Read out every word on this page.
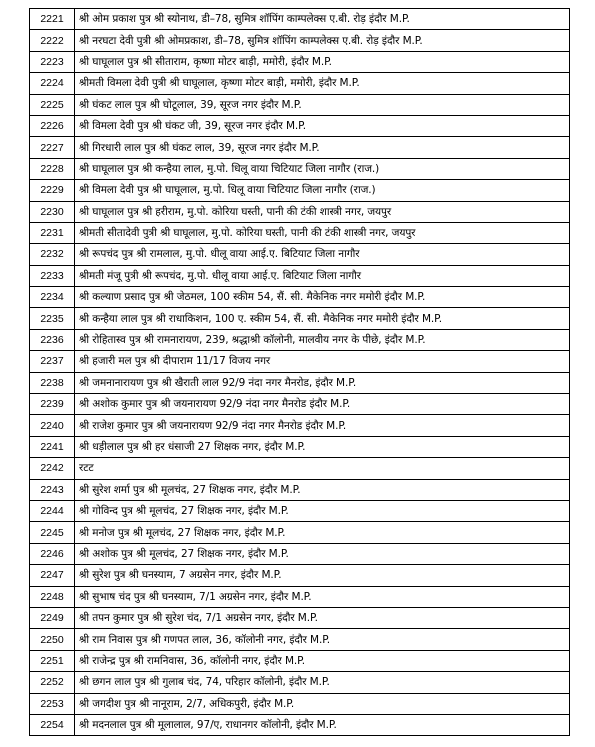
2221	श्री ओम प्रकाश पुत्र श्री स्योनाथ, डी–78, सुमित्र शॉपिंग काम्पलेक्स ए.बी. रोड़ इंदौर M.P.
2222	श्री नरघटा देवी पुत्री श्री ओमप्रकाश, डी–78, सुमित्र शॉपिंग काम्पलेक्स ए.बी. रोड़ इंदौर M.P.
2223	श्री घाघूलाल पुत्र श्री सीताराम, कृष्णा मोटर बाड़ी, ममोरी, इंदौर M.P.
2224	श्रीमती विमला देवी पुत्री श्री घाघूलाल, कृष्णा मोटर बाड़ी, ममोरी, इंदौर M.P.
2225	श्री घंकट लाल पुत्र श्री घोटूलाल, 39, सूरज नगर इंदौर M.P.
2226	श्री विमला देवी पुत्र श्री घंकट जी, 39, सूरज नगर इंदौर M.P.
2227	श्री गिरधारी लाल पुत्र श्री घंकट लाल, 39, सूरज नगर इंदौर M.P.
2228	श्री घाघूलाल पुत्र श्री कन्हैया लाल, मु.पो. धिलू वाया चिटियाट जिला नागौर (राज.)
2229	श्री विमला देवी पुत्र श्री घाघूलाल, मु.पो. धिलू वाया चिटियाट जिला नागौर (राज.)
2230	श्री घाघूलाल पुत्र श्री हरीराम, मु.पो. कोरिया घस्ती, पानी की टंकी शास्त्री नगर, जयपुर
2231	श्रीमती सीतादेवी पुत्री श्री घाघूलाल, मु.पो. कोरिया घस्ती, पानी की टंकी शास्त्री नगर, जयपुर
2232	श्री रूपचंद पुत्र श्री रामलाल, मु.पो. धीलू वाया आई.ए. बिटियाट जिला नागौर
2233	श्रीमती मंजू पुत्री श्री रूपचंद, मु.पो. धीलू वाया आई.ए. बिटियाट जिला नागौर
2234	श्री कल्याण प्रसाद पुत्र श्री जेठमल, 100 स्कीम 54, सैं. सी. मैकेनिक नगर ममोरी इंदौर M.P.
2235	श्री कन्हैया लाल पुत्र श्री राधाकिशन, 100 ए. स्कीम 54, सैं. सी. मैकेनिक नगर ममोरी इंदौर M.P.
2236	श्री रोहितास्व पुत्र श्री रामनारायण, 239, श्रद्धाश्री कॉलोनी, मालवीय नगर के पीछे, इंदौर M.P.
2237	श्री हजारी मल पुत्र श्री दीपाराम 11/17 विजय नगर
2238	श्री जमनानारायण पुत्र श्री खैराती लाल 92/9 नंदा नगर मैनरोड, इंदौर M.P.
2239	श्री अशोक कुमार पुत्र श्री जयनारायण 92/9 नंदा नगर मैनरोड इंदौर M.P.
2240	श्री राजेश कुमार पुत्र श्री जयनारायण 92/9 नंदा नगर मैनरोड इंदौर M.P.
2241	श्री धड़ीलाल पुत्र श्री हर धंसाजी 27 शिक्षक नगर, इंदौर M.P.
2242	रटट
2243	श्री सुरेश शर्मा पुत्र श्री मूलचंद, 27 शिक्षक नगर, इंदौर M.P.
2244	श्री गोविन्द पुत्र श्री मूलचंद, 27 शिक्षक नगर, इंदौर M.P.
2245	श्री मनोज पुत्र श्री मूलचंद, 27 शिक्षक नगर, इंदौर M.P.
2246	श्री अशोक पुत्र श्री मूलचंद, 27 शिक्षक नगर, इंदौर M.P.
2247	श्री सुरेश पुत्र श्री घनस्याम, 7 अग्रसेन नगर, इंदौर M.P.
2248	श्री सुभाष चंद पुत्र श्री घनस्याम, 7/1 अग्रसेन नगर, इंदौर M.P.
2249	श्री तपन कुमार पुत्र श्री सुरेश चंद, 7/1 अग्रसेन नगर, इंदौर M.P.
2250	श्री राम निवास पुत्र श्री गणपत लाल, 36, कॉलोनी नगर, इंदौर M.P.
2251	श्री राजेन्द्र पुत्र श्री रामनिवास, 36, कॉलोनी नगर, इंदौर M.P.
2252	श्री छगन लाल पुत्र श्री गुलाब चंद, 74, परिहार कॉलोनी, इंदौर M.P.
2253	श्री जगदीश पुत्र श्री नानूराम, 2/7, अधिकपुरी, इंदौर M.P.
2254	श्री मदनलाल पुत्र श्री मूलालाल, 97/ए, राधानगर कॉलोनी, इंदौर M.P.
